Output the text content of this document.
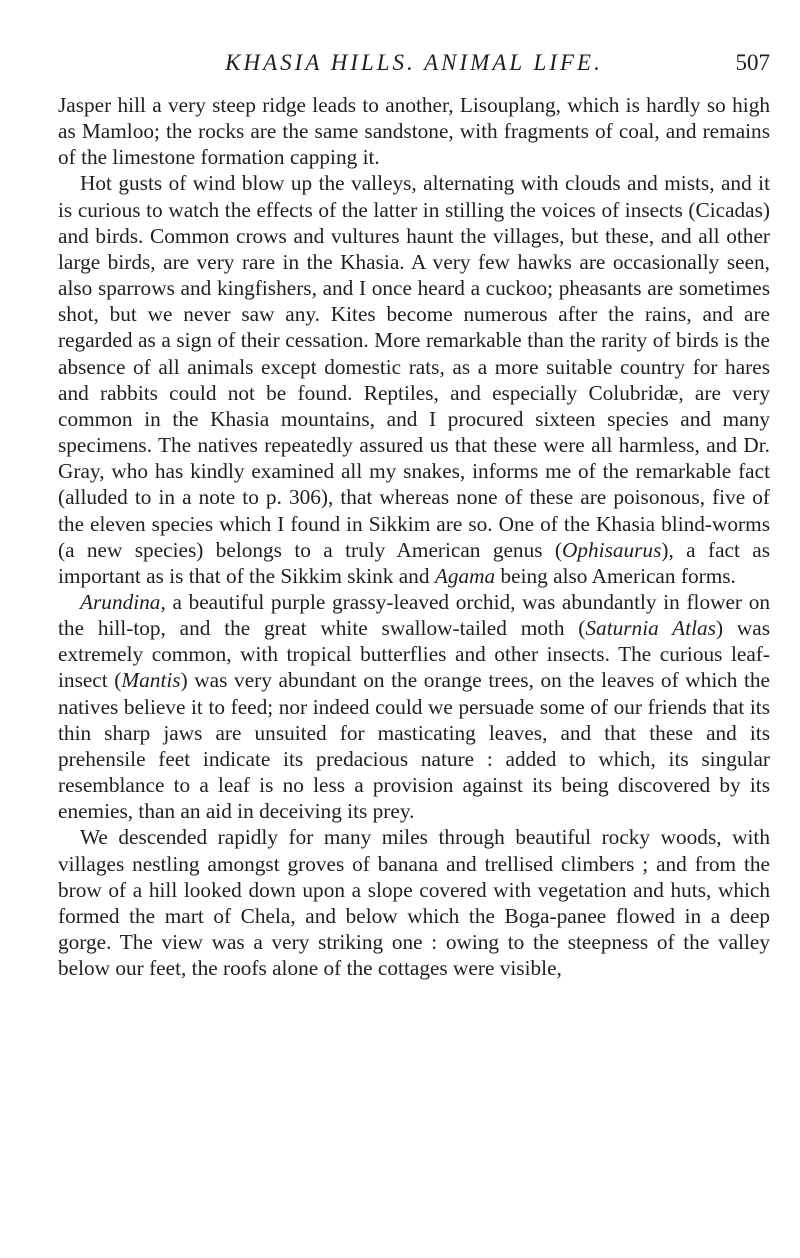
KHASIA HILLS. ANIMAL LIFE.	507

Jasper hill a very steep ridge leads to another, Lisouplang, which is hardly so high as Mamloo; the rocks are the same sandstone, with fragments of coal, and remains of the limestone formation capping it.

Hot gusts of wind blow up the valleys, alternating with clouds and mists, and it is curious to watch the effects of the latter in stilling the voices of insects (Cicadas) and birds. Common crows and vultures haunt the villages, but these, and all other large birds, are very rare in the Khasia. A very few hawks are occasionally seen, also sparrows and kingfishers, and I once heard a cuckoo; pheasants are sometimes shot, but we never saw any. Kites become numerous after the rains, and are regarded as a sign of their cessation. More remarkable than the rarity of birds is the absence of all animals except domestic rats, as a more suitable country for hares and rabbits could not be found. Reptiles, and especially Colubridæ, are very common in the Khasia mountains, and I procured sixteen species and many specimens. The natives repeatedly assured us that these were all harmless, and Dr. Gray, who has kindly examined all my snakes, informs me of the remarkable fact (alluded to in a note to p. 306), that whereas none of these are poisonous, five of the eleven species which I found in Sikkim are so. One of the Khasia blind-worms (a new species) belongs to a truly American genus (Ophisaurus), a fact as important as is that of the Sikkim skink and Agama being also American forms.

Arundina, a beautiful purple grassy-leaved orchid, was abundantly in flower on the hill-top, and the great white swallow-tailed moth (Saturnia Atlas) was extremely common, with tropical butterflies and other insects. The curious leaf-insect (Mantis) was very abundant on the orange trees, on the leaves of which the natives believe it to feed; nor indeed could we persuade some of our friends that its thin sharp jaws are unsuited for masticating leaves, and that these and its prehensile feet indicate its predacious nature : added to which, its singular resemblance to a leaf is no less a provision against its being discovered by its enemies, than an aid in deceiving its prey.

We descended rapidly for many miles through beautiful rocky woods, with villages nestling amongst groves of banana and trellised climbers ; and from the brow of a hill looked down upon a slope covered with vegetation and huts, which formed the mart of Chela, and below which the Boga-panee flowed in a deep gorge. The view was a very striking one : owing to the steepness of the valley below our feet, the roofs alone of the cottages were visible,
